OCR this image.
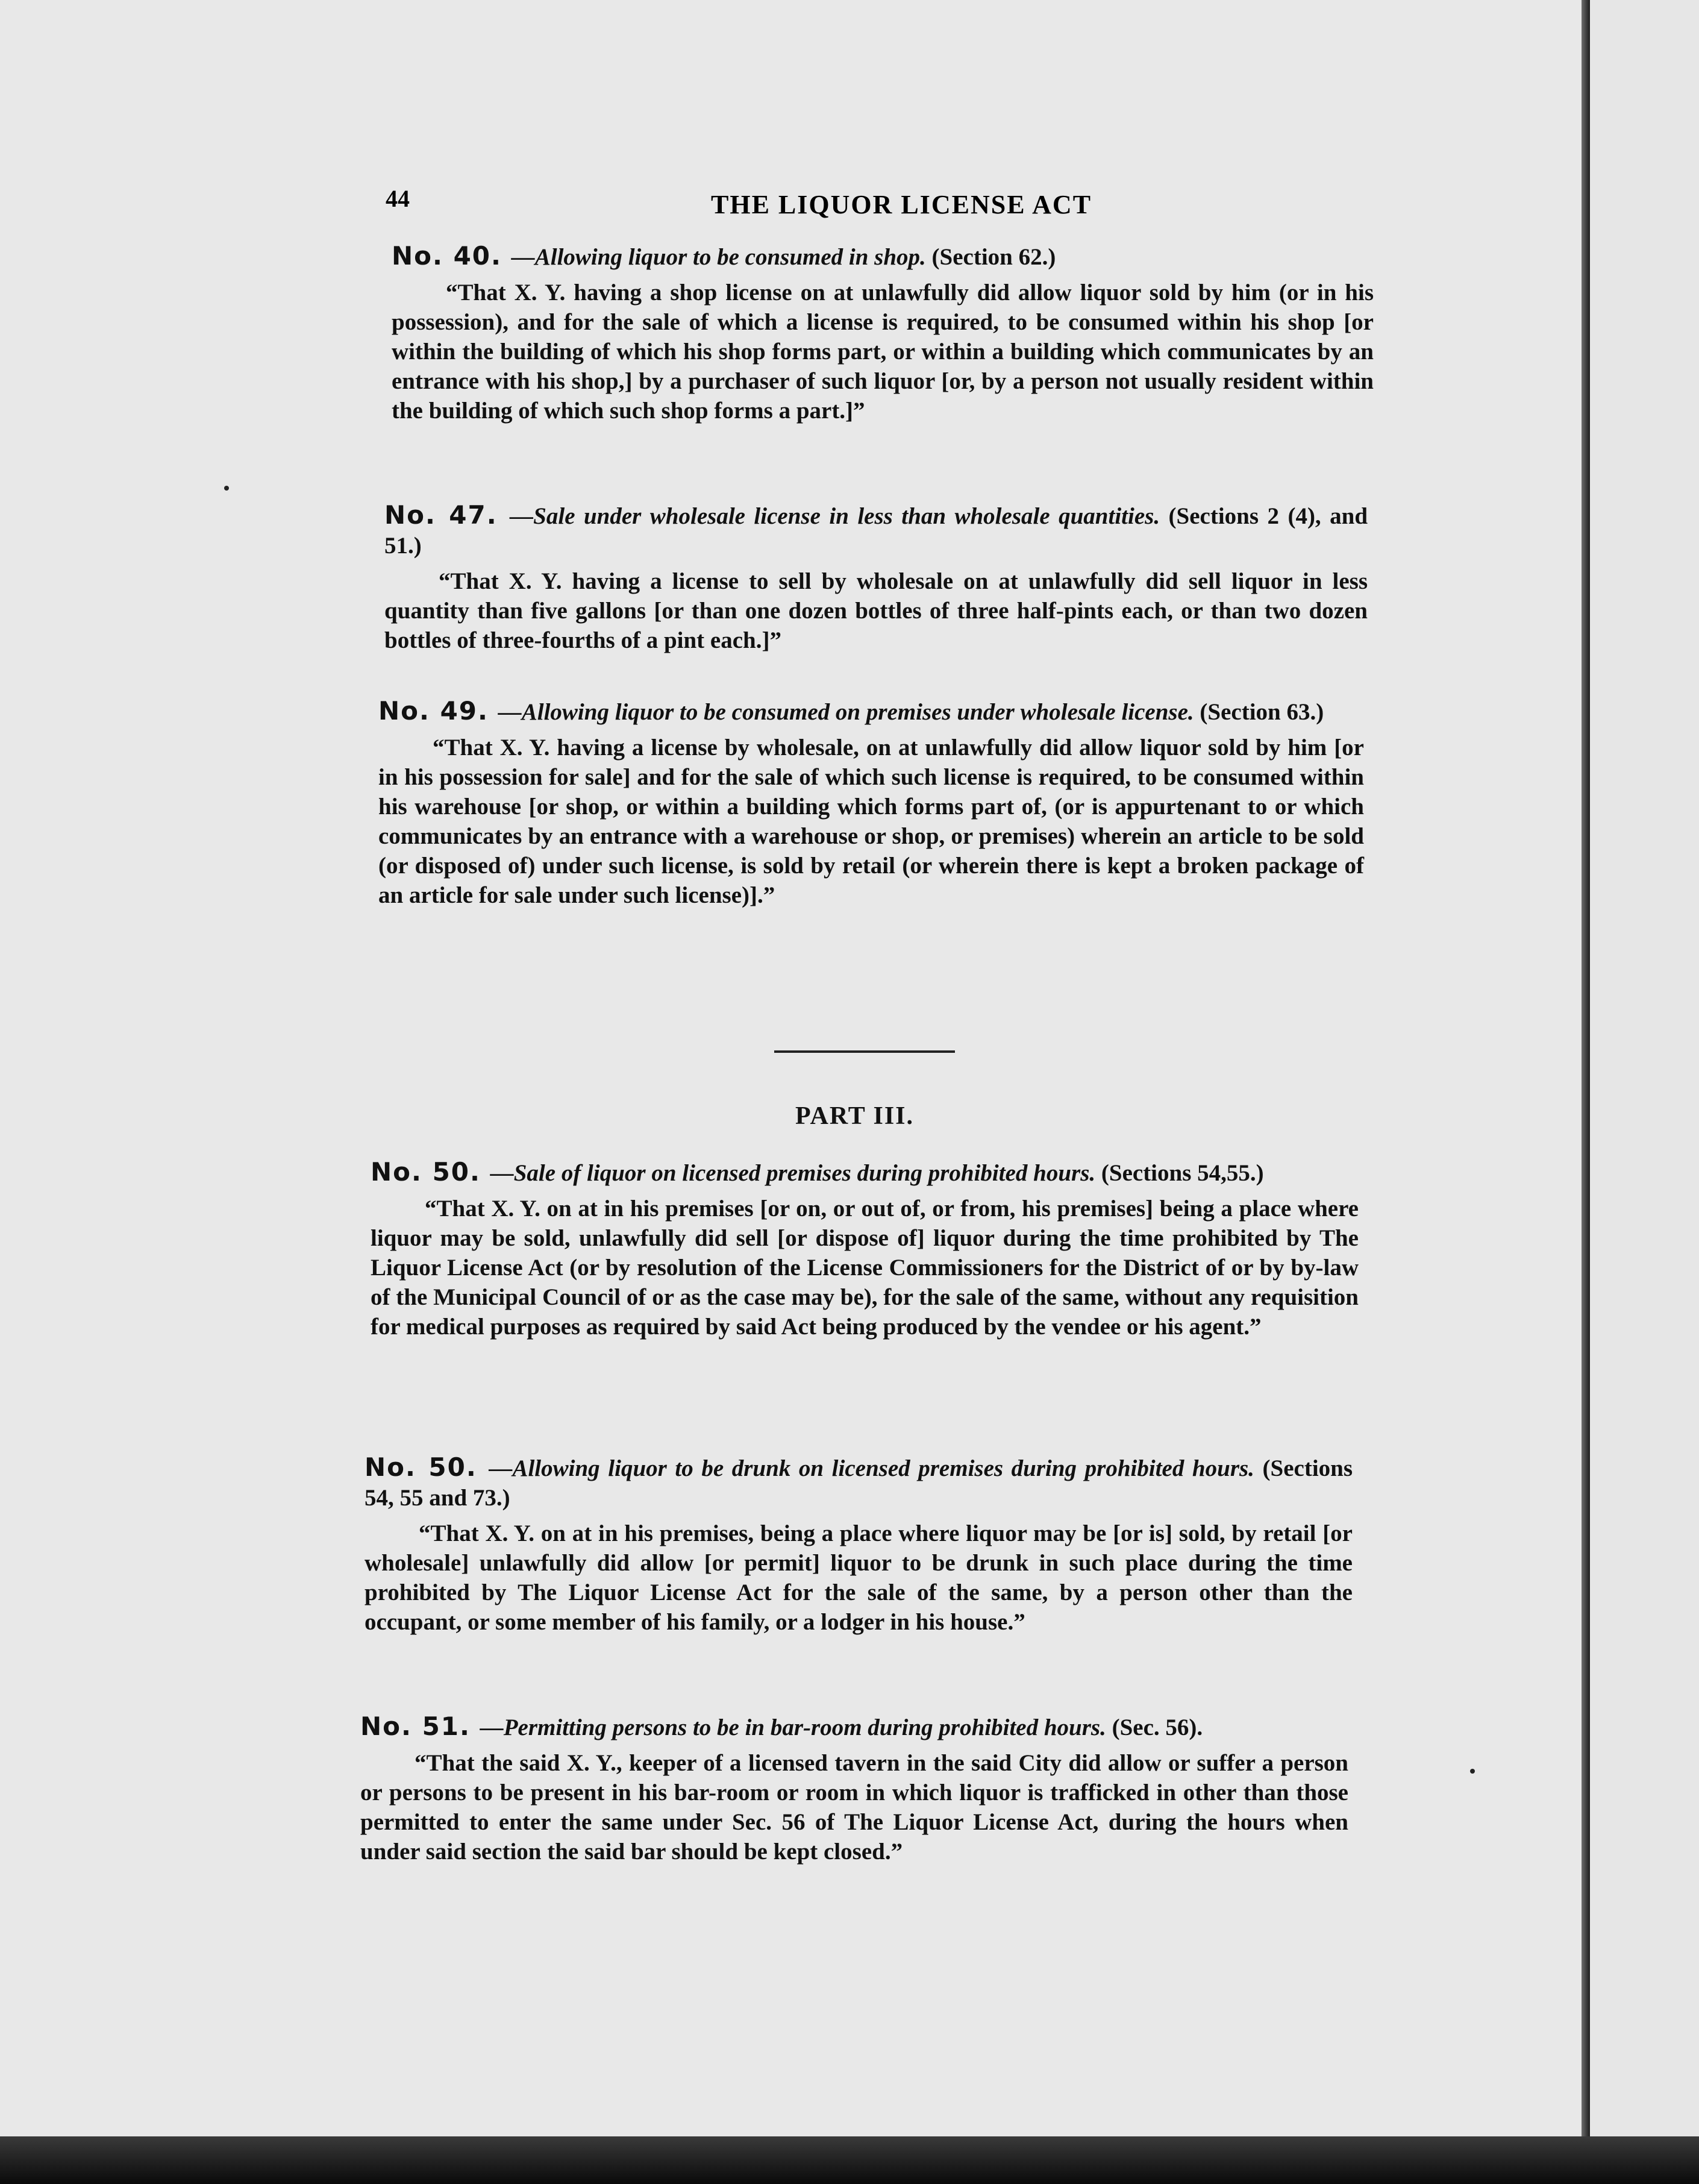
44	THE LIQUOR LICENSE ACT
No. 40. —Allowing liquor to be consumed in shop. (Section 62.)

“That X. Y. having a shop license on at unlawfully did allow liquor sold by him (or in his possession), and for the sale of which a license is required, to be consumed within his shop [or within the building of which his shop forms part, or within a building which communicates by an entrance with his shop,] by a purchaser of such liquor [or, by a person not usually resident within the building of which such shop forms a part.]”

No. 47. —Sale under wholesale license in less than wholesale quantities. (Sections 2 (4), and 51.)

“That X. Y. having a license to sell by wholesale on at unlawfully did sell liquor in less quantity than five gallons [or than one dozen bottles of three half-pints each, or than two dozen bottles of three-fourths of a pint each.]”

No. 49. —Allowing liquor to be consumed on premises under wholesale license. (Section 63.)

“That X. Y. having a license by wholesale, on at unlawfully did allow liquor sold by him [or in his possession for sale] and for the sale of which such license is required, to be consumed within his warehouse [or shop, or within a building which forms part of, (or is appurtenant to or which communicates by an entrance with a warehouse or shop, or premises) wherein an article to be sold (or disposed of) under such license, is sold by retail (or wherein there is kept a broken package of an article for sale under such license)].”

PART III.
No. 50. —Sale of liquor on licensed premises during prohibited hours. (Sections 54,55.)

“That X. Y. on at in his premises [or on, or out of, or from, his premises] being a place where liquor may be sold, unlawfully did sell [or dispose of] liquor during the time prohibited by The Liquor License Act (or by resolution of the License Commissioners for the District of or by by-law of the Municipal Council of or as the case may be), for the sale of the same, without any requisition for medical purposes as required by said Act being produced by the vendee or his agent.”

No. 50. —Allowing liquor to be drunk on licensed premises during prohibited hours. (Sections 54, 55 and 73.)

“That X. Y. on at in his premises, being a place where liquor may be [or is] sold, by retail [or wholesale] unlawfully did allow [or permit] liquor to be drunk in such place during the time prohibited by The Liquor License Act for the sale of the same, by a person other than the occupant, or some member of his family, or a lodger in his house.”

No. 51. —Permitting persons to be in bar-room during prohibited hours. (Sec. 56).

“That the said X. Y., keeper of a licensed tavern in the said City did allow or suffer a person or persons to be present in his bar-room or room in which liquor is trafficked in other than those permitted to enter the same under Sec. 56 of The Liquor License Act, during the hours when under said section the said bar should be kept closed.”
